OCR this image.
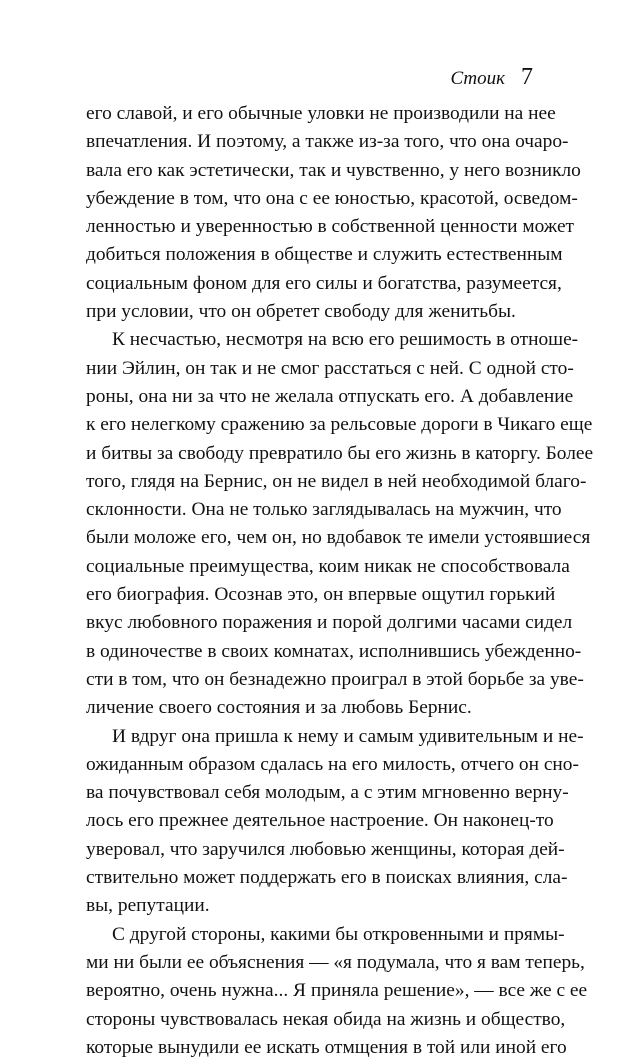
Стоик 7
его славой, и его обычные уловки не производили на нее
впечатления. И поэтому, а также из-за того, что она очаро-
вала его как эстетически, так и чувственно, у него возникло
убеждение в том, что она с ее юностью, красотой, осведом-
ленностью и уверенностью в собственной ценности может
добиться положения в обществе и служить естественным
социальным фоном для его силы и богатства, разумеется,
при условии, что он обретет свободу для женитьбы.
К несчастью, несмотря на всю его решимость в отноше-
нии Эйлин, он так и не смог расстаться с ней. С одной сто-
роны, она ни за что не желала отпускать его. А добавление
к его нелегкому сражению за рельсовые дороги в Чикаго еще
и битвы за свободу превратило бы его жизнь в каторгу. Более
того, глядя на Бернис, он не видел в ней необходимой благо-
склонности. Она не только заглядывалась на мужчин, что
были моложе его, чем он, но вдобавок те имели устоявшиеся
социальные преимущества, коим никак не способствовала
его биография. Осознав это, он впервые ощутил горький
вкус любовного поражения и порой долгими часами сидел
в одиночестве в своих комнатах, исполнившись убежденно-
сти в том, что он безнадежно проиграл в этой борьбе за уве-
личение своего состояния и за любовь Бернис.
И вдруг она пришла к нему и самым удивительным и не-
ожиданным образом сдалась на его милость, отчего он сно-
ва почувствовал себя молодым, а с этим мгновенно верну-
лось его прежнее деятельное настроение. Он наконец-то
уверовал, что заручился любовью женщины, которая дей-
ствительно может поддержать его в поисках влияния, сла-
вы, репутации.
С другой стороны, какими бы откровенными и прямы-
ми ни были ее объяснения — «я подумала, что я вам теперь,
вероятно, очень нужна... Я приняла решение», — все же с ее
стороны чувствовалась некая обида на жизнь и общество,
которые вынудили ее искать отмщения в той или иной его
